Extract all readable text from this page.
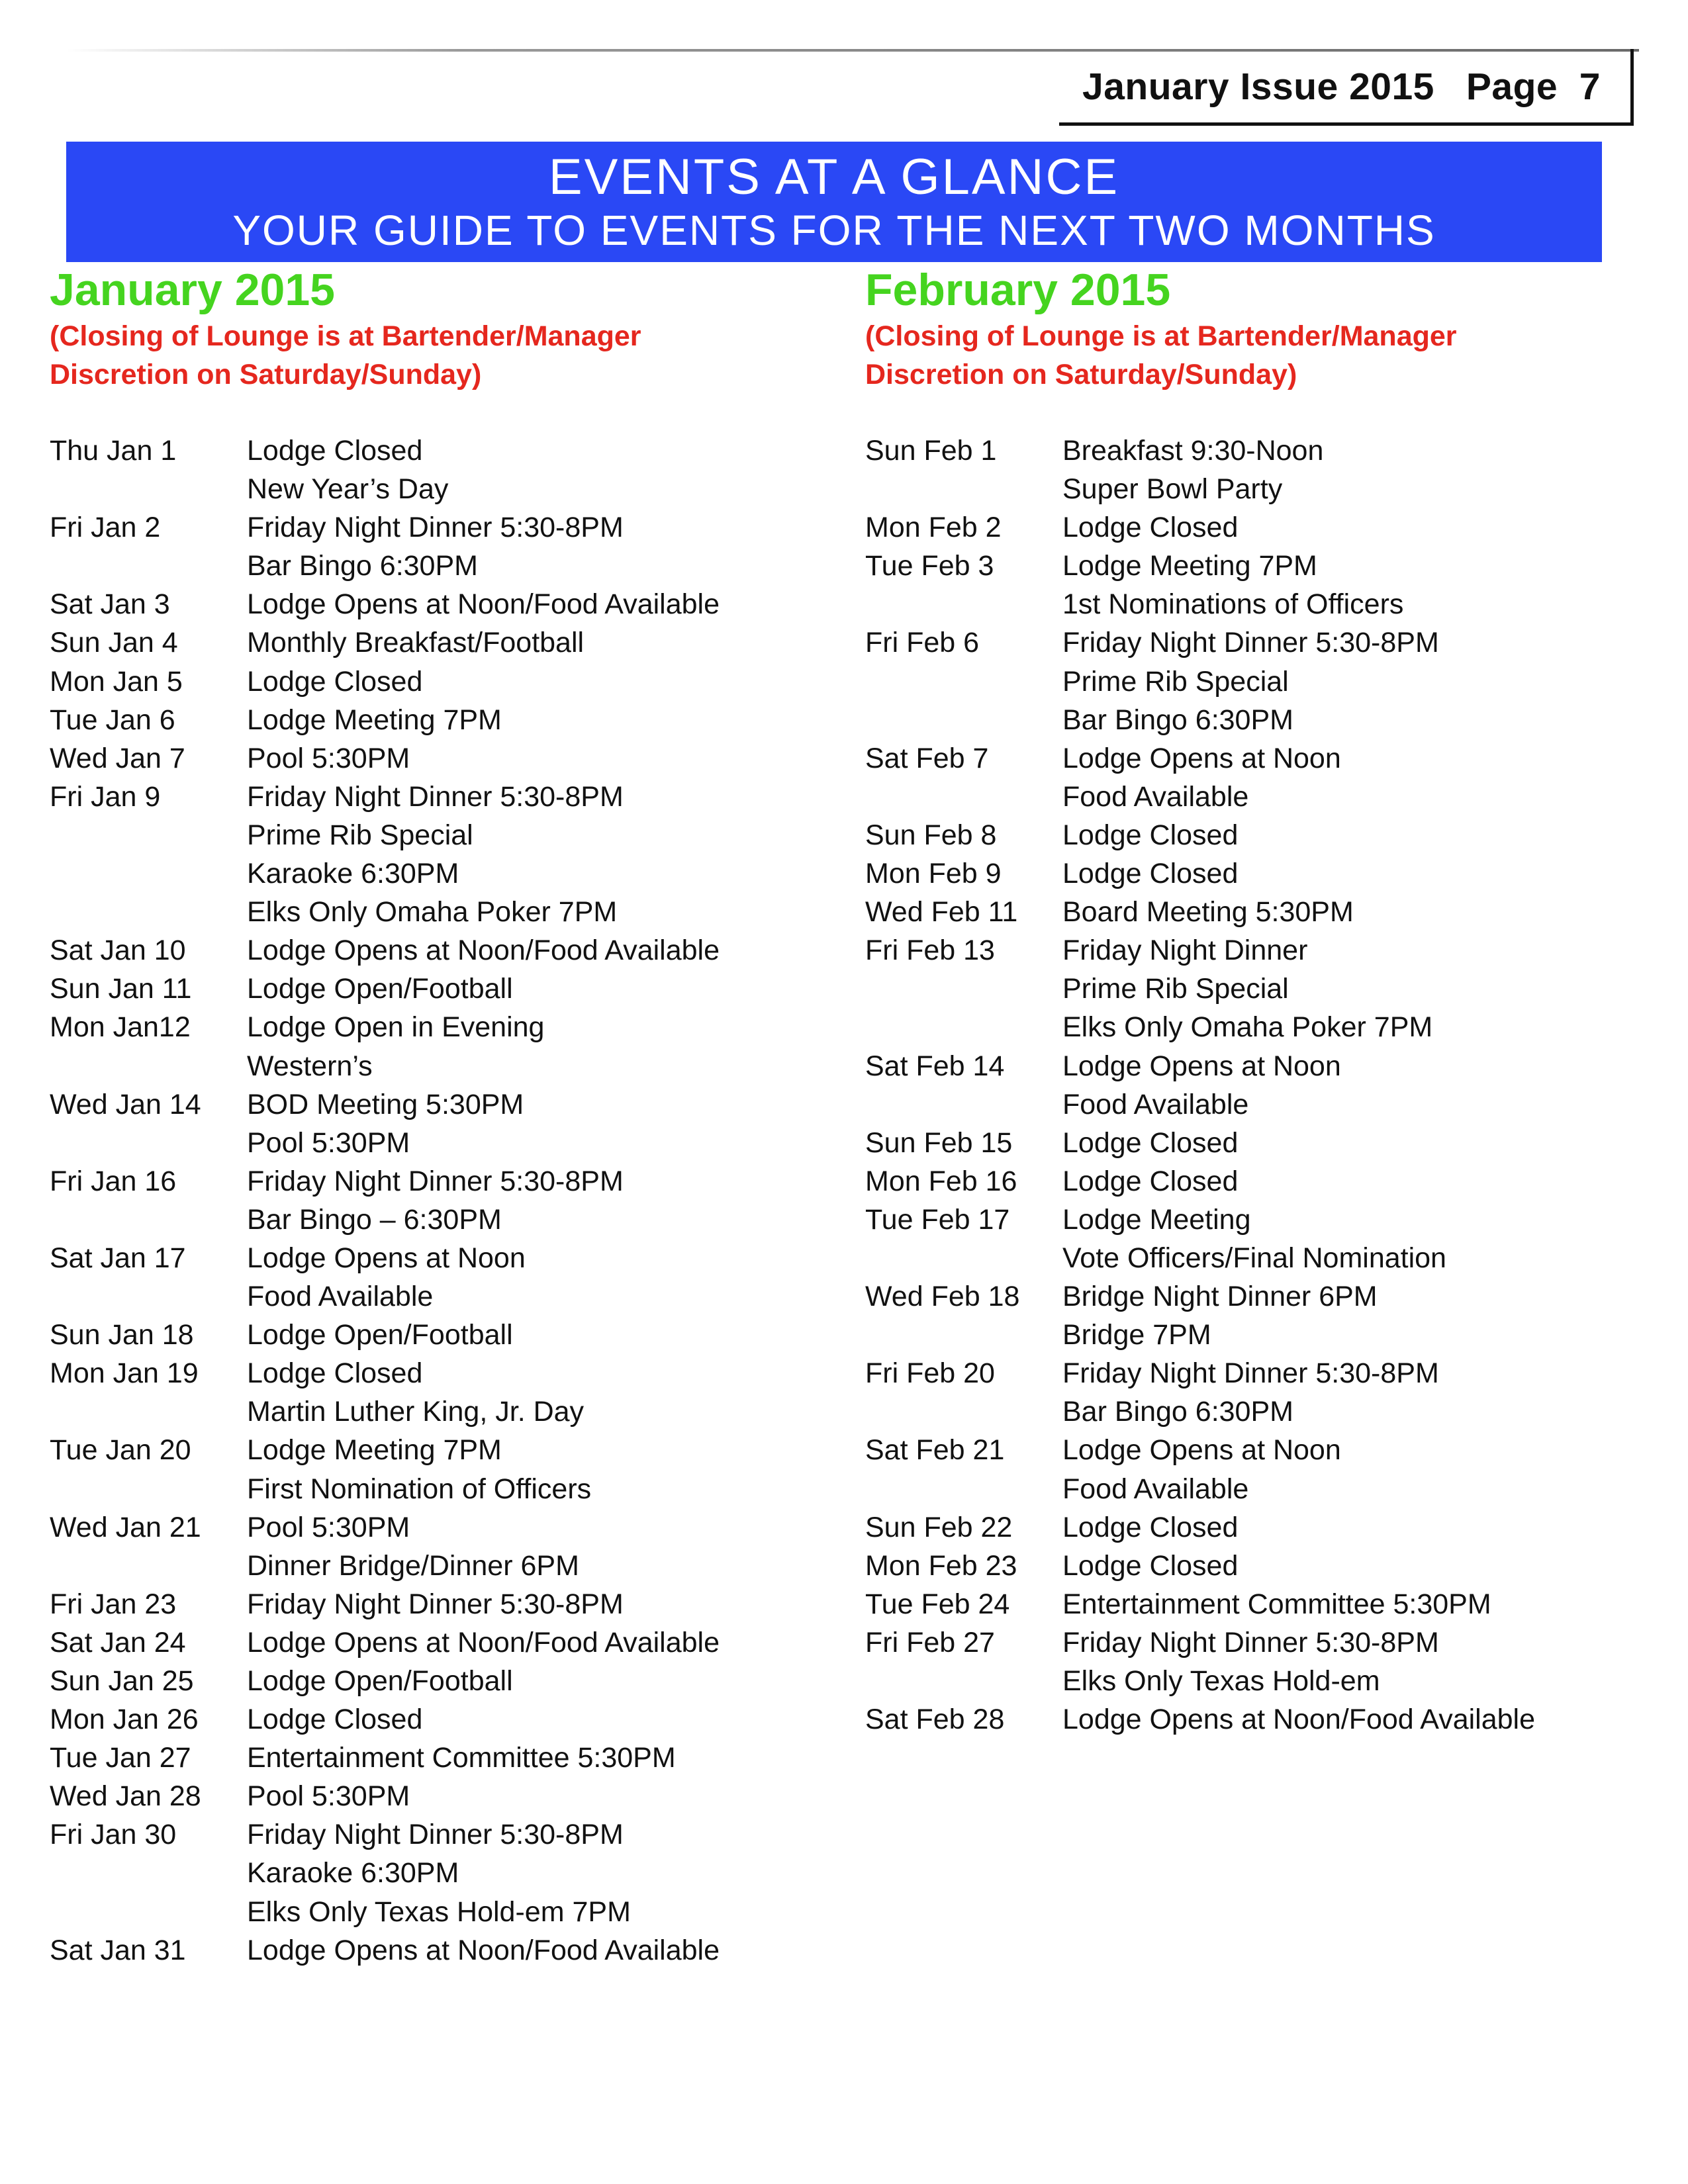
January Issue 2015 Page  7
EVENTS AT A GLANCE
YOUR GUIDE TO EVENTS FOR THE NEXT TWO MONTHS
January 2015
(Closing of Lounge is at Bartender/Manager
Discretion on Saturday/Sunday)
Thu Jan 1 Lodge Closed
New Year’s Day
Fri Jan 2	Friday Night Dinner 5:30-8PM
Bar Bingo 6:30PM
Sat Jan 3	Lodge Opens at Noon/Food Available
Sun Jan 4 Monthly Breakfast/Football
Mon Jan 5 Lodge Closed
Tue Jan 6	Lodge Meeting 7PM
Wed Jan 7 Pool 5:30PM
Fri Jan 9	Friday Night Dinner 5:30-8PM
Prime Rib Special
Karaoke 6:30PM
Elks Only Omaha Poker 7PM
Sat Jan 10 Lodge Opens at Noon/Food Available
Sun Jan 11 Lodge Open/Football
Mon Jan12 Lodge Open in Evening
Western’s
Wed Jan 14 BOD Meeting 5:30PM
Pool 5:30PM
Fri Jan 16 Friday Night Dinner 5:30-8PM
Bar Bingo – 6:30PM
Sat Jan 17 Lodge Opens at Noon
Food Available
Sun Jan 18 Lodge Open/Football
Mon Jan 19 Lodge Closed
Martin Luther King, Jr. Day
Tue Jan 20 Lodge Meeting 7PM
First Nomination of Officers
Wed Jan 21 Pool 5:30PM
Dinner Bridge/Dinner 6PM
Fri Jan 23 Friday Night Dinner 5:30-8PM
Sat Jan 24 Lodge Opens at Noon/Food Available
Sun Jan 25 Lodge Open/Football
Mon Jan 26 Lodge Closed
Tue Jan 27 Entertainment Committee 5:30PM
Wed Jan 28 Pool 5:30PM
Fri Jan 30 Friday Night Dinner 5:30-8PM
Karaoke 6:30PM
Elks Only Texas Hold-em 7PM
Sat Jan 31 Lodge Opens at Noon/Food Available
February 2015
(Closing of Lounge is at Bartender/Manager
Discretion on Saturday/Sunday)
Sun Feb 1 Breakfast 9:30-Noon
Super Bowl Party
Mon Feb 2 Lodge Closed
Tue Feb 3 Lodge Meeting 7PM
1st Nominations of Officers
Fri Feb 6	Friday Night Dinner 5:30-8PM
Prime Rib Special
Bar Bingo 6:30PM
Sat Feb 7	Lodge Opens at Noon
Food Available
Sun Feb 8 Lodge Closed
Mon Feb 9 Lodge Closed
Wed Feb 11 Board Meeting 5:30PM
Fri Feb 13 Friday Night Dinner
Prime Rib Special
Elks Only Omaha Poker 7PM
Sat Feb 14 Lodge Opens at Noon
Food Available
Sun Feb 15 Lodge Closed
Mon Feb 16 Lodge Closed
Tue Feb 17 Lodge Meeting
Vote Officers/Final Nomination
Wed Feb 18 Bridge Night Dinner 6PM
Bridge 7PM
Fri Feb 20 Friday Night Dinner 5:30-8PM
Bar Bingo 6:30PM
Sat Feb 21 Lodge Opens at Noon
Food Available
Sun Feb 22 Lodge Closed
Mon Feb 23 Lodge Closed
Tue Feb 24 Entertainment Committee 5:30PM
Fri Feb 27 Friday Night Dinner 5:30-8PM
Elks Only Texas Hold-em
Sat Feb 28 Lodge Opens at Noon/Food Available
